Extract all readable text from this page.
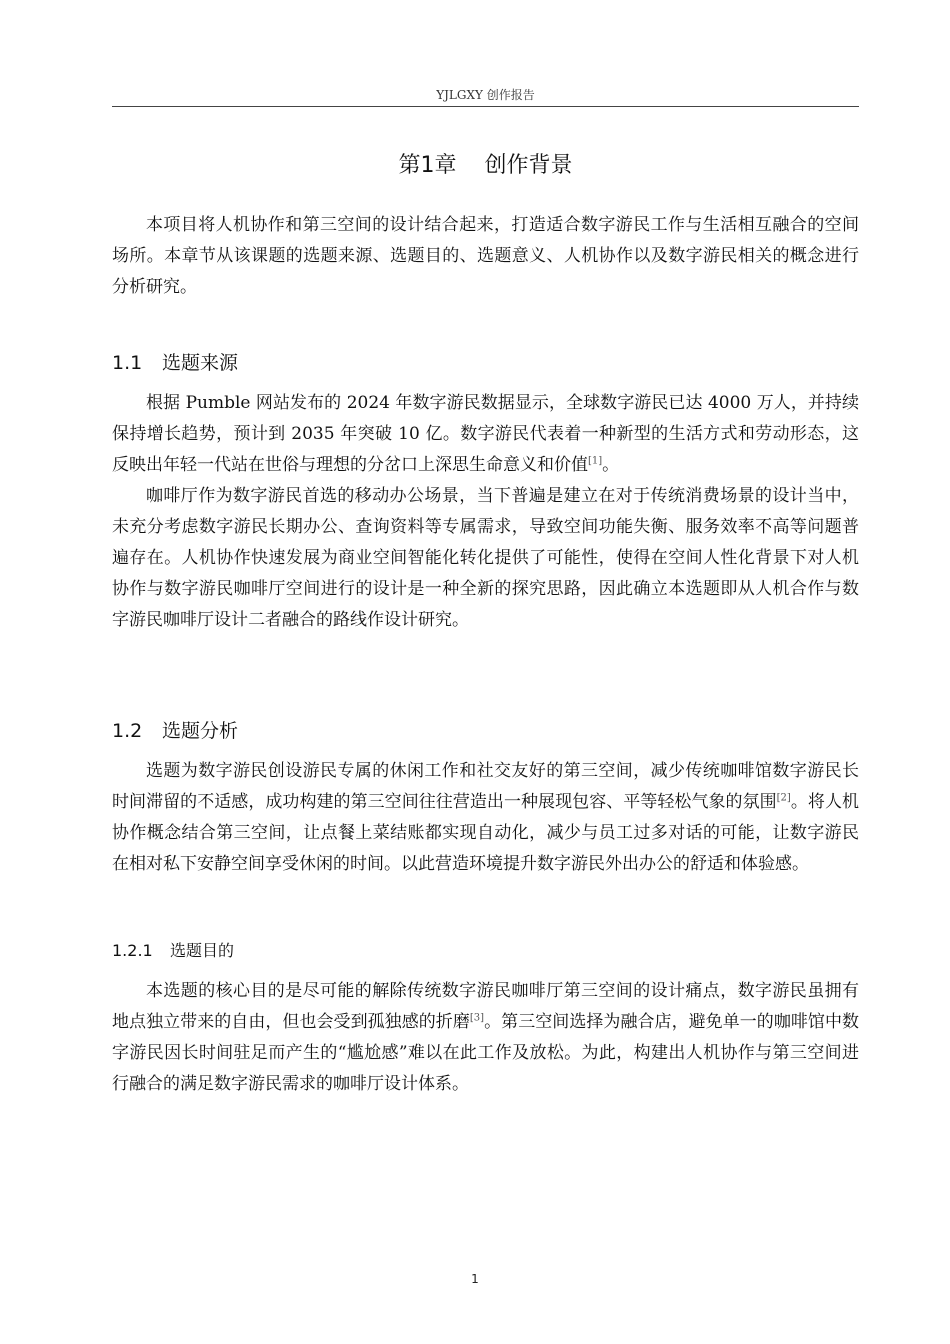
YJLGXY 创作报告
第1章 创作背景

本项目将人机协作和第三空间的设计结合起来，打造适合数字游民工作与生活相互融合的空间场所。本章节从该课题的选题来源、选题目的、选题意义、人机协作以及数字游民相关的概念进行分析研究。

1.1 选题来源

根据 Pumble 网站发布的 2024 年数字游民数据显示，全球数字游民已达 4000 万人，并持续保持增长趋势，预计到 2035 年突破 10 亿。数字游民代表着一种新型的生活方式和劳动形态，这反映出年轻一代站在世俗与理想的分岔口上深思生命意义和价值[1]。

咖啡厅作为数字游民首选的移动办公场景，当下普遍是建立在对于传统消费场景的设计当中，未充分考虑数字游民长期办公、查询资料等专属需求，导致空间功能失衡、服务效率不高等问题普遍存在。人机协作快速发展为商业空间智能化转化提供了可能性，使得在空间人性化背景下对人机协作与数字游民咖啡厅空间进行的设计是一种全新的探究思路，因此确立本选题即从人机合作与数字游民咖啡厅设计二者融合的路线作设计研究。

1.2 选题分析

选题为数字游民创设游民专属的休闲工作和社交友好的第三空间，减少传统咖啡馆数字游民长时间滞留的不适感，成功构建的第三空间往往营造出一种展现包容、平等轻松气象的氛围[2]。将人机协作概念结合第三空间，让点餐上菜结账都实现自动化，减少与员工过多对话的可能，让数字游民在相对私下安静空间享受休闲的时间。以此营造环境提升数字游民外出办公的舒适和体验感。

1.2.1 选题目的

本选题的核心目的是尽可能的解除传统数字游民咖啡厅第三空间的设计痛点，数字游民虽拥有地点独立带来的自由，但也会受到孤独感的折磨[3]。第三空间选择为融合店，避免单一的咖啡馆中数字游民因长时间驻足而产生的“尴尬感”难以在此工作及放松。为此，构建出人机协作与第三空间进行融合的满足数字游民需求的咖啡厅设计体系。

1
